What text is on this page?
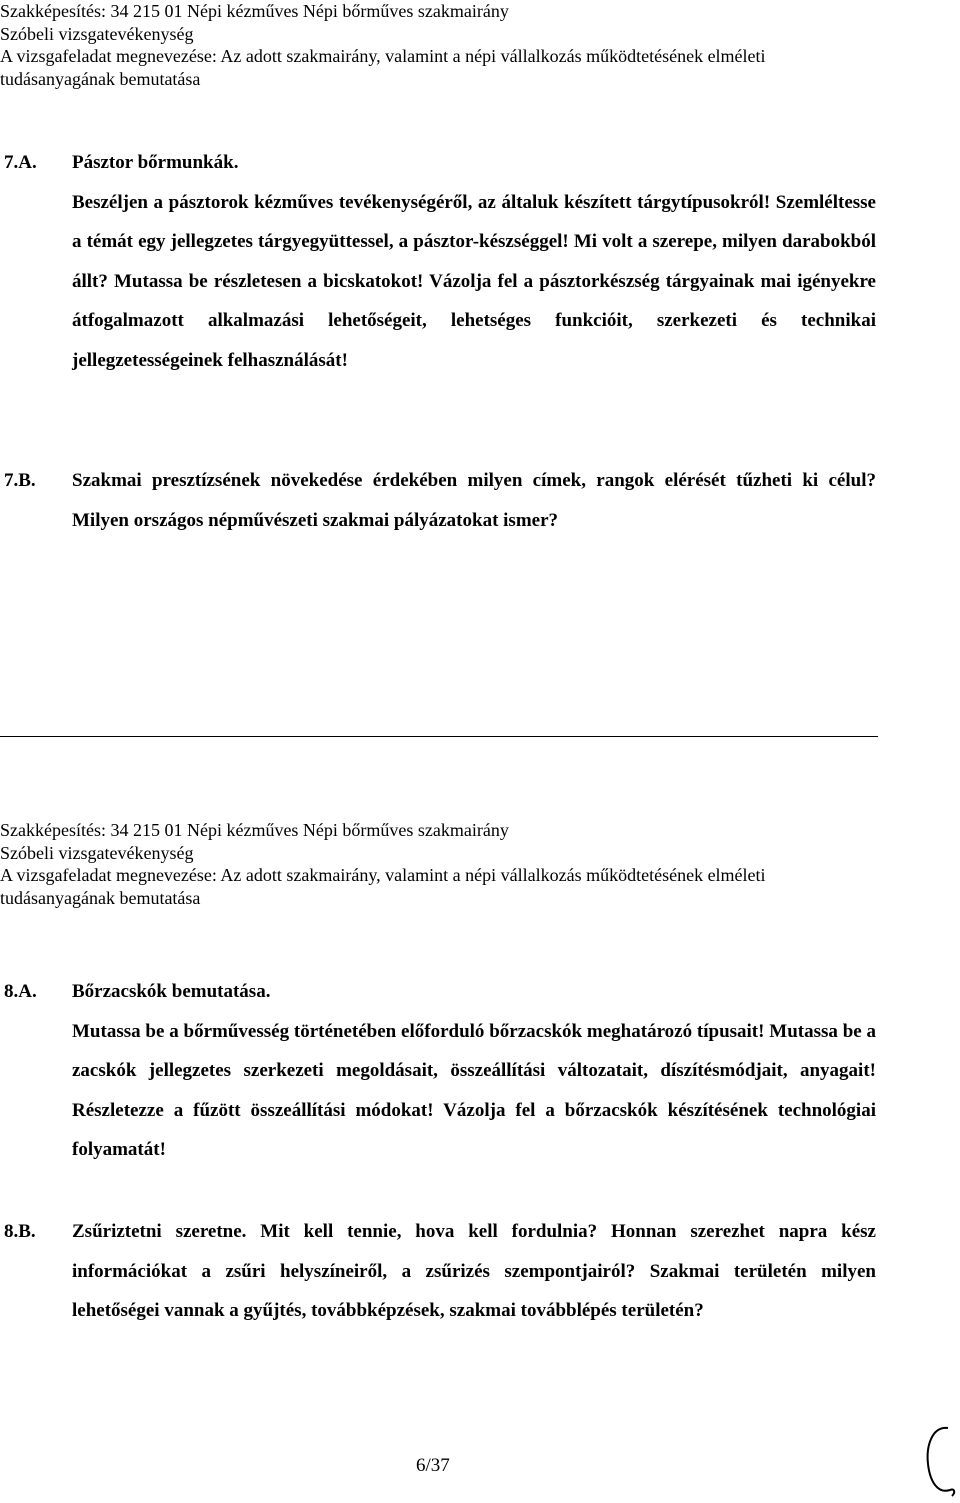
Szakképesítés: 34 215 01 Népi kézműves Népi bőrműves szakmairány
Szóbeli vizsgatevékenység
A vizsgafeladat megnevezése: Az adott szakmairány, valamint a népi vállalkozás működtetésének elméleti
tudásanyagának bemutatása
7.A.	Pásztor bőrmunkák.
Beszéljen a pásztorok kézműves tevékenységéről, az általuk készített tárgytípusokról! Szemléltesse a témát egy jellegzetes tárgyegyüttessel, a pásztor-készséggel! Mi volt a szerepe, milyen darabokból állt? Mutassa be részletesen a bicskatokot! Vázolja fel a pásztorkészség tárgyainak mai igényekre átfogalmazott alkalmazási lehetőségeit, lehetséges funkcióit, szerkezeti és technikai jellegzetességeinek felhasználását!
7.B.	Szakmai presztízsének növekedése érdekében milyen címek, rangok elérését tűzheti ki célul? Milyen országos népművészeti szakmai pályázatokat ismer?
Szakképesítés: 34 215 01 Népi kézműves Népi bőrműves szakmairány
Szóbeli vizsgatevékenység
A vizsgafeladat megnevezése: Az adott szakmairány, valamint a népi vállalkozás működtetésének elméleti
tudásanyagának bemutatása
8.A.	Bőrzacskók bemutatása.
Mutassa be a bőrművesség történetében előforduló bőrzacskók meghatározó típusait! Mutassa be a zacskók jellegzetes szerkezeti megoldásait, összeállítási változatait, díszítésmódjait, anyagait! Részletezze a fűzött összeállítási módokat! Vázolja fel a bőrzacskók készítésének technológiai folyamatát!
8.B.	Zsűriztetni szeretne. Mit kell tennie, hova kell fordulnia? Honnan szerezhet napra kész információkat a zsűri helyszíneiről, a zsűrizés szempontjairól? Szakmai területén milyen lehetőségei vannak a gyűjtés, továbbképzések, szakmai továbblépés területén?
6/37
